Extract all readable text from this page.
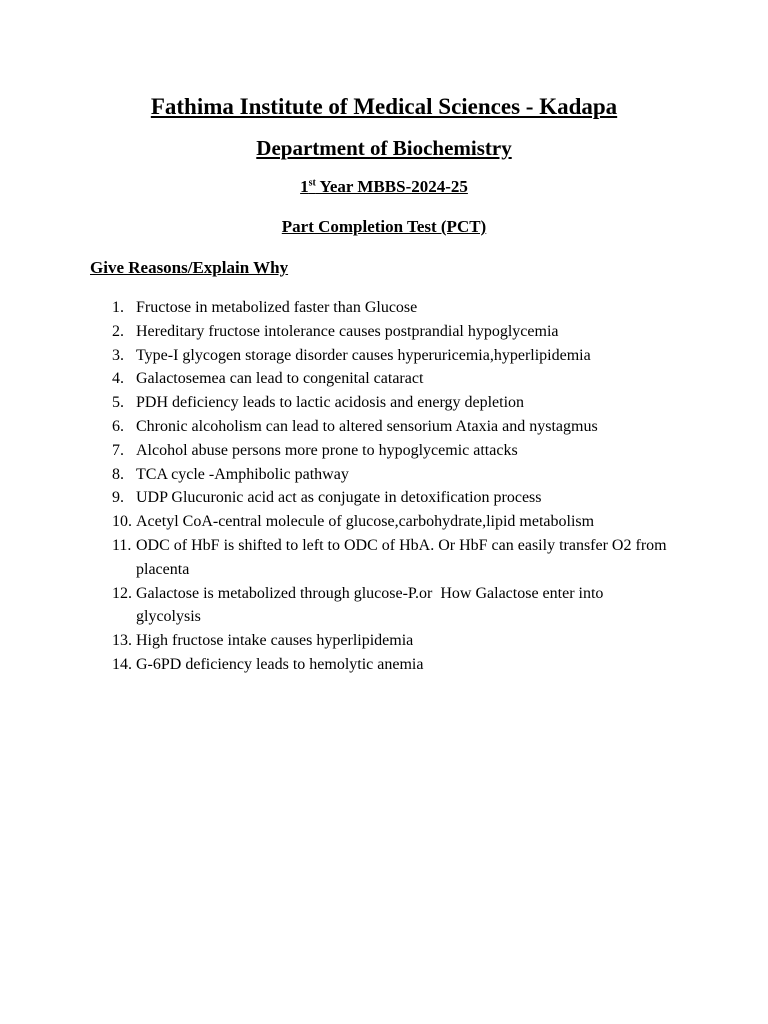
Fathima Institute of Medical Sciences - Kadapa
Department of Biochemistry
1st Year MBBS-2024-25
Part Completion Test (PCT)
Give Reasons/Explain Why
1. Fructose in metabolized faster than Glucose
2. Hereditary fructose intolerance causes postprandial hypoglycemia
3. Type-I glycogen storage disorder causes hyperuricemia,hyperlipidemia
4. Galactosemea can lead to congenital cataract
5. PDH deficiency leads to lactic acidosis and energy depletion
6. Chronic alcoholism can lead to altered sensorium Ataxia and nystagmus
7. Alcohol abuse persons more prone to hypoglycemic attacks
8. TCA cycle -Amphibolic pathway
9. UDP Glucuronic acid act as conjugate in detoxification process
10. Acetyl CoA-central molecule of glucose,carbohydrate,lipid metabolism
11. ODC of HbF is shifted to left to ODC of HbA. Or HbF can easily transfer O2 from placenta
12. Galactose is metabolized through glucose-P.or  How Galactose enter into glycolysis
13. High fructose intake causes hyperlipidemia
14. G-6PD deficiency leads to hemolytic anemia
